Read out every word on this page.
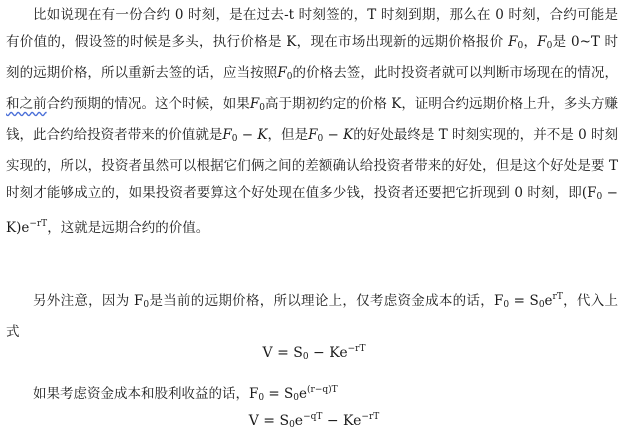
比如说现在有一份合约 0 时刻，是在过去-t 时刻签的，T 时刻到期，那么在 0 时刻，合约可能是有价值的，假设签的时候是多头，执行价格是 K，现在市场出现新的远期价格报价 $F_0$，$F_0$是 0~T 时刻的远期价格，所以重新去签的话，应当按照$F_0$的价格去签，此时投资者就可以判断市场现在的情况，和之前合约预期的情况。这个时候，如果$F_0$高于期初约定的价格 K，证明合约远期价格上升，多头方赚钱，此合约给投资者带来的价值就是$F_0 - K$，但是$F_0 - K$的好处最终是 T 时刻实现的，并不是 0 时刻实现的，所以，投资者虽然可以根据它们俩之间的差额确认给投资者带来的好处，但是这个好处是要 T 时刻才能够成立的，如果投资者要算这个好处现在值多少钱，投资者还要把它折现到 0 时刻，即$(F_0 - K)e^{-rT}$，这就是远期合约的价值。

另外注意，因为 $F_0$是当前的远期价格，所以理论上，仅考虑资金成本的话，$F_0 = S_0e^{rT}$，代入上式

$V = S_0 - Ke^{-rT}$

如果考虑资金成本和股利收益的话，$F_0 = S_0e^{(r-q)T}$

$V = S_0e^{-qT} - Ke^{-rT}$
